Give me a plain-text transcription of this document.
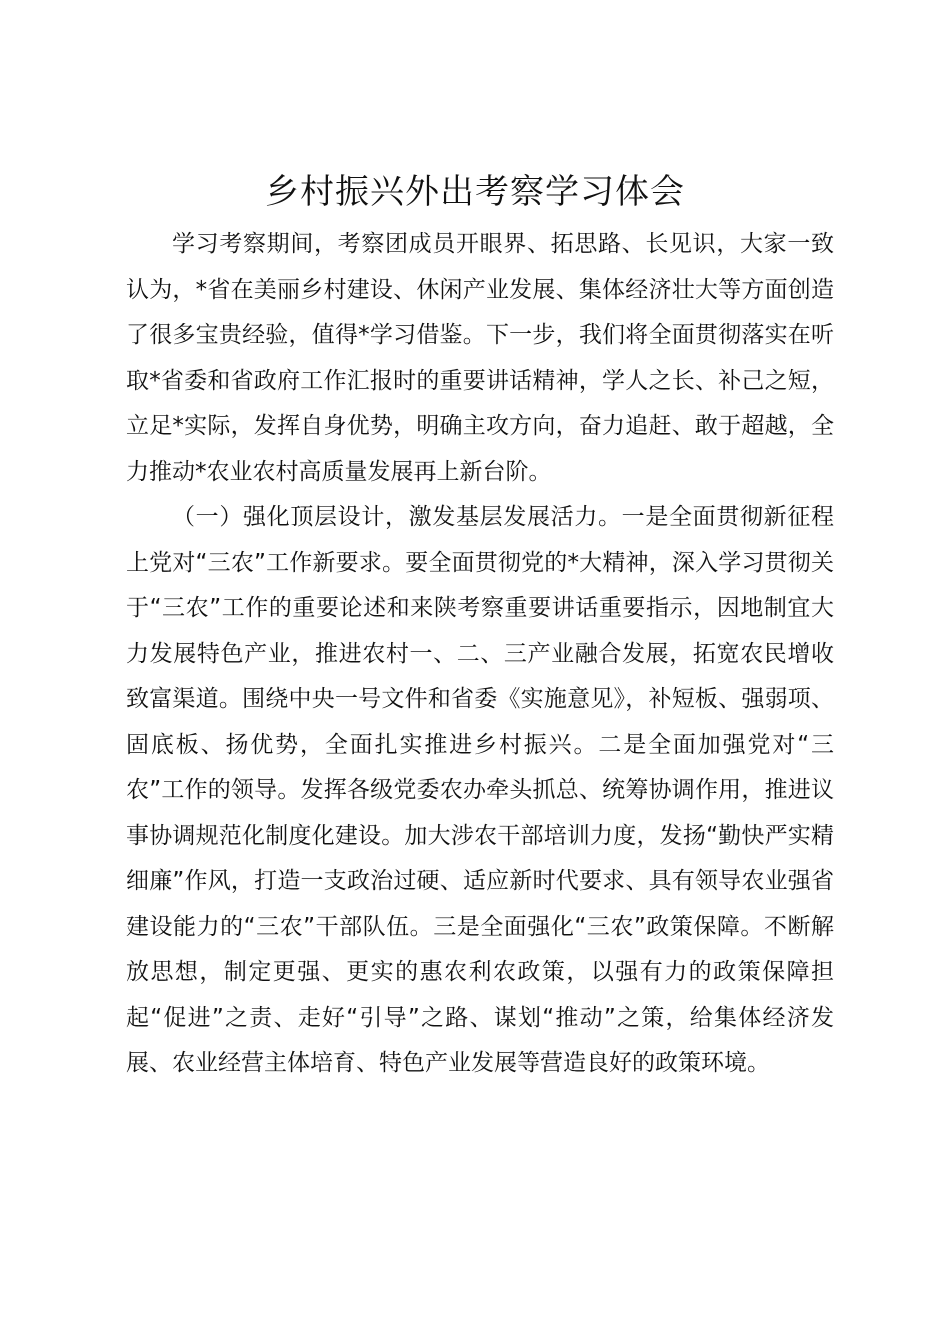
乡村振兴外出考察学习体会

学习考察期间，考察团成员开眼界、拓思路、长见识，大家一致认为，*省在美丽乡村建设、休闲产业发展、集体经济壮大等方面创造了很多宝贵经验，值得*学习借鉴。下一步，我们将全面贯彻落实在听取*省委和省政府工作汇报时的重要讲话精神，学人之长、补己之短，立足*实际，发挥自身优势，明确主攻方向，奋力追赶、敢于超越，全力推动*农业农村高质量发展再上新台阶。

（一）强化顶层设计，激发基层发展活力。一是全面贯彻新征程上党对“三农”工作新要求。要全面贯彻党的*大精神，深入学习贯彻关于“三农”工作的重要论述和来陕考察重要讲话重要指示，因地制宜大力发展特色产业，推进农村一、二、三产业融合发展，拓宽农民增收致富渠道。围绕中央一号文件和省委《实施意见》，补短板、强弱项、固底板、扬优势，全面扎实推进乡村振兴。二是全面加强党对“三农”工作的领导。发挥各级党委农办牵头抓总、统筹协调作用，推进议事协调规范化制度化建设。加大涉农干部培训力度，发扬“勤快严实精细廉”作风，打造一支政治过硬、适应新时代要求、具有领导农业强省建设能力的“三农”干部队伍。三是全面强化“三农”政策保障。不断解放思想，制定更强、更实的惠农利农政策，以强有力的政策保障担起“促进”之责、走好“引导”之路、谋划“推动”之策，给集体经济发展、农业经营主体培育、特色产业发展等营造良好的政策环境。
